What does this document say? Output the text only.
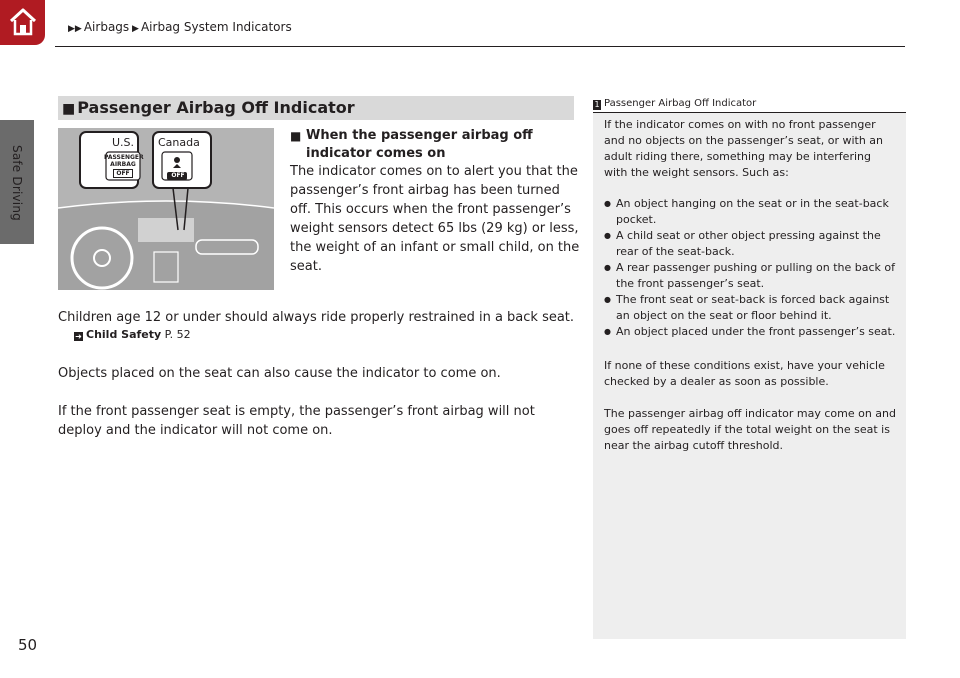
▶▶ Airbags ▶ Airbag System Indicators
Safe Driving
■ Passenger Airbag Off Indicator
U.S. Canada
PASSENGER
AIRBAG
OFF	OFF
■ When the passenger airbag off indicator comes on
The indicator comes on to alert you that the passenger’s front airbag has been turned off. This occurs when the front passenger’s weight sensors detect 65 lbs (29 kg) or less, the weight of an infant or small child, on the seat.
Children age 12 or under should always ride properly restrained in a back seat.
➜ Child Safety P. 52
Objects placed on the seat can also cause the indicator to come on.
If the front passenger seat is empty, the passenger’s front airbag will not deploy and the indicator will not come on.
1 Passenger Airbag Off Indicator
If the indicator comes on with no front passenger and no objects on the passenger’s seat, or with an adult riding there, something may be interfering with the weight sensors. Such as:
● An object hanging on the seat or in the seat-back pocket.
● A child seat or other object pressing against the rear of the seat-back.
● A rear passenger pushing or pulling on the back of the front passenger’s seat.
● The front seat or seat-back is forced back against an object on the seat or floor behind it.
● An object placed under the front passenger’s seat.
If none of these conditions exist, have your vehicle checked by a dealer as soon as possible.
The passenger airbag off indicator may come on and goes off repeatedly if the total weight on the seat is near the airbag cutoff threshold.
50
